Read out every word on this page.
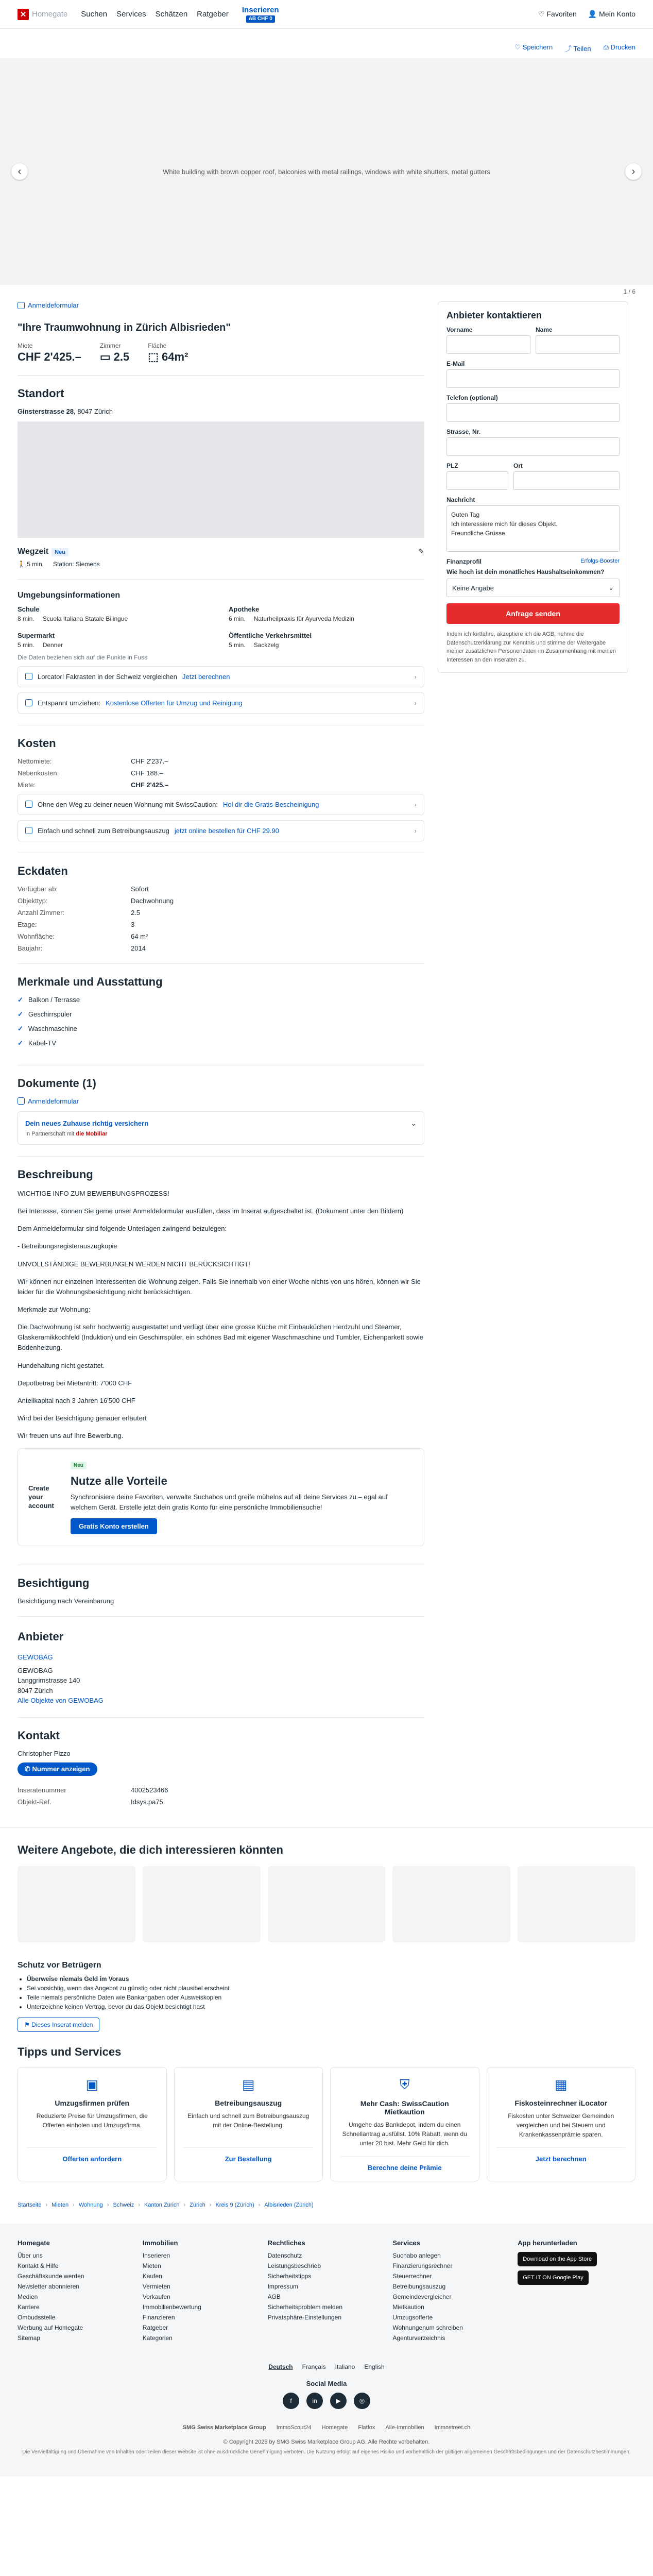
✕ Homegate Suchen Services Schätzen Ratgeber Inserieren
AB CHF 0
♡ Favoriten 👤 Mein Konto
♡ Speichern ⤴ Teilen ⎙ Drucken
‹	White building with brown copper roof, balconies with metal railings, windows with white shutters, metal gutters	›
1 / 6
Anmeldeformular
"Ihre Traumwohnung in Zürich Albisrieden"
Miete
CHF 2'425.–
Zimmer
▭ 2.5
Fläche
⬚ 64m²
Standort
Ginsterstrasse 28, 8047 Zürich
Wegzeit Neu	✎
🚶 5 min. Station: Siemens
Umgebungsinformationen
Schule
8 min. Scuola Italiana Statale Bilingue
Apotheke
6 min. Naturheilpraxis für Ayurveda Medizin
Supermarkt
5 min. Denner
Öffentliche Verkehrsmittel
5 min. Sackzelg
Die Daten beziehen sich auf die Punkte in Fuss
Lorcator! Fakrasten in der Schweiz vergleichen Jetzt berechnen	›
Entspannt umziehen: Kostenlose Offerten für Umzug und Reinigung	›
Kosten
Nettomiete:	CHF 2'237.–
Nebenkosten:	CHF 188.–
Miete:	CHF 2'425.–
Ohne den Weg zu deiner neuen Wohnung mit SwissCaution: Hol dir die Gratis-Bescheinigung	›
Einfach und schnell zum Betreibungsauszug jetzt online bestellen für CHF 29.90	›
Eckdaten
Verfügbar ab:	Sofort
Objekttyp:	Dachwohnung
Anzahl Zimmer:	2.5
Etage:	3
Wohnfläche:	64 m²
Baujahr:	2014
Merkmale und Ausstattung
✓ Balkon / Terrasse
✓ Geschirrspüler
✓ Waschmaschine
✓ Kabel-TV
Dokumente (1)
Anmeldeformular
Dein neues Zuhause richtig versichern	⌄
In Partnerschaft mit die Mobiliar
Beschreibung

WICHTIGE INFO ZUM BEWERBUNGSPROZESS!

Bei Interesse, können Sie gerne unser Anmeldeformular ausfüllen, dass im Inserat aufgeschaltet ist. (Dokument unter den Bildern)

Dem Anmeldeformular sind folgende Unterlagen zwingend beizulegen:

- Betreibungsregisterauszugkopie

UNVOLLSTÄNDIGE BEWERBUNGEN WERDEN NICHT BERÜCKSICHTIGT!

Wir können nur einzelnen Interessenten die Wohnung zeigen. Falls Sie innerhalb von einer Woche nichts von uns hören, können wir Sie leider für die Wohnungsbesichtigung nicht berücksichtigen.

Merkmale zur Wohnung:

Die Dachwohnung ist sehr hochwertig ausgestattet und verfügt über eine grosse Küche mit Einbauküchen Herdzuhl und Steamer, Glaskeramikkochfeld (Induktion) und ein Geschirrspüler, ein schönes Bad mit eigener Waschmaschine und Tumbler, Eichenparkett sowie Bodenheizung.

Hundehaltung nicht gestattet.

Depotbetrag bei Mietantritt: 7'000 CHF

Anteilkapital nach 3 Jahren 16'500 CHF

Wird bei der Besichtigung genauer erläutert

Wir freuen uns auf Ihre Bewerbung.

Create your account
Neu
Nutze alle Vorteile

Synchronisiere deine Favoriten, verwalte Suchabos und greife mühelos auf all deine Services zu – egal auf welchem Gerät. Erstelle jetzt dein gratis Konto für eine persönliche Immobiliensuche!

Gratis Konto erstellen
Besichtigung
Besichtigung nach Vereinbarung
Anbieter
GEWOBAG
GEWOBAG
Langgrimstrasse 140
8047 Zürich
Alle Objekte von GEWOBAG
Kontakt
Christopher Pizzo
✆ Nummer anzeigen
Inseratenummer	4002523466
Objekt-Ref.	Idsys.pa75
Anbieter kontaktieren
Vorname	Name
E-Mail
Telefon (optional)
Strasse, Nr.
PLZ	Ort
Nachricht
Guten Tag
Ich interessiere mich für dieses Objekt.
Freundliche Grüsse
Finanzprofil	Erfolgs-Booster
Wie hoch ist dein monatliches Haushaltseinkommen?
Keine Angabe	⌄
Anfrage senden
Indem ich fortfahre, akzeptiere ich die AGB, nehme die Datenschutzerklärung zur Kenntnis und stimme der Weitergabe meiner zusätzlichen Personendaten im Zusammenhang mit meinen Interessen an den Inseraten zu.
Weitere Angebote, die dich interessieren könnten
Schutz vor Betrügern
• Überweise niemals Geld im Voraus
• Sei vorsichtig, wenn das Angebot zu günstig oder nicht plausibel erscheint
• Teile niemals persönliche Daten wie Bankangaben oder Ausweiskopien
• Unterzeichne keinen Vertrag, bevor du das Objekt besichtigt hast
⚑ Dieses Inserat melden
Tipps und Services
▣
Umzugsfirmen prüfen

Reduzierte Preise für Umzugsfirmen, die Offerten einholen und Umzugsfirma.

Offerten anfordern
▤
Betreibungsauszug

Einfach und schnell zum Betreibungsauszug mit der Online-Bestellung.

Zur Bestellung
⛨
Mehr Cash: SwissCaution Mietkaution

Umgehe das Bankdepot, indem du einen Schnellantrag ausfüllst. 10% Rabatt, wenn du unter 20 bist. Mehr Geld für dich.

Berechne deine Prämie
▦
Fiskosteinrechner iLocator

Fiskosten unter Schweizer Gemeinden vergleichen und bei Steuern und Krankenkassenprämie sparen.

Jetzt berechnen
Startseite › Mieten › Wohnung › Schweiz › Kanton Zürich › Zürich › Kreis 9 (Zürich) › Albisrieden (Zürich)
Homegate
Über uns
Kontakt & Hilfe
Geschäftskunde werden
Newsletter abonnieren
Medien
Karriere
Ombudsstelle
Werbung auf Homegate
Sitemap
Immobilien
Inserieren
Mieten
Kaufen
Vermieten
Verkaufen
Immobilienbewertung
Finanzieren
Ratgeber
Kategorien
Rechtliches
Datenschutz
Leistungsbeschrieb
Sicherheitstipps
Impressum
AGB
Sicherheitsproblem melden
Privatsphäre-Einstellungen
Services
Suchabo anlegen
Finanzierungsrechner
Steuerrechner
Betreibungsauszug
Gemeindevergleicher
Mietkaution
Umzugsofferte
Wohnungenum schreiben
Agenturverzeichnis
App herunterladen
Download on the App Store
GET IT ON Google Play
Deutsch Français Italiano English
Social Media
f	in	▶	◎
SMG Swiss Marketplace Group ImmoScout24 Homegate Flatfox Alle-Immobilien Immostreet.ch
© Copyright 2025 by SMG Swiss Marketplace Group AG. Alle Rechte vorbehalten.
Die Vervielfältigung und Übernahme von Inhalten oder Teilen dieser Website ist ohne ausdrückliche Genehmigung verboten. Die Nutzung erfolgt auf eigenes Risiko und vorbehaltlich der gültigen allgemeinen Geschäftsbedingungen und der Datenschutzbestimmungen.
